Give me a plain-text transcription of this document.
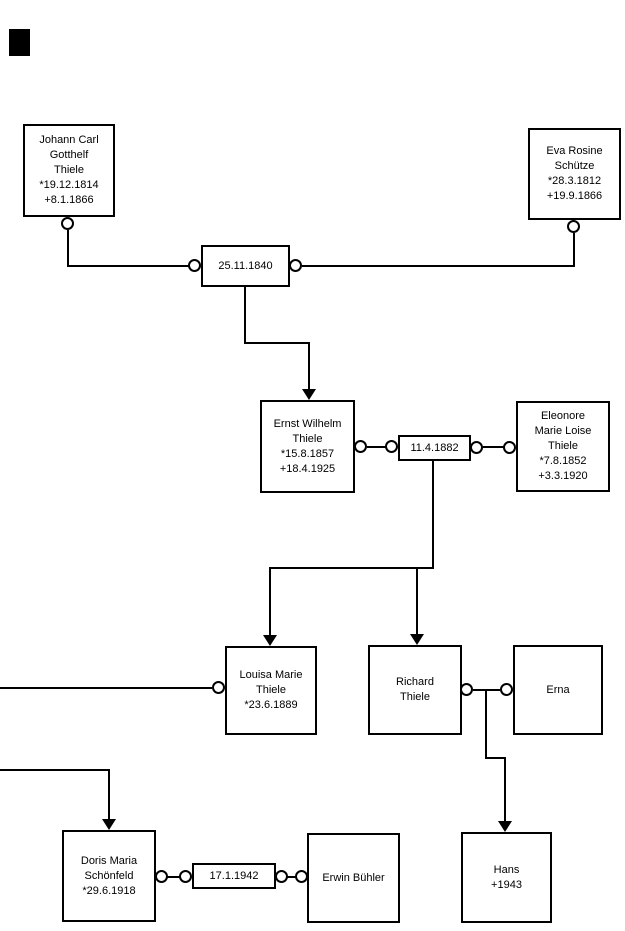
Johann Carl
Gotthelf
Thiele
*19.12.1814
+8.1.1866
Eva Rosine
Schütze
*28.3.1812
+19.9.1866
Ernst Wilhelm
Thiele
*15.8.1857
+18.4.1925
Eleonore
Marie Loise
Thiele
*7.8.1852
+3.3.1920
Louisa Marie
Thiele
*23.6.1889
Richard
Thiele
Erna
Doris Maria
Schönfeld
*29.6.1918
Erwin Bühler
Hans
+1943
25.11.1840
11.4.1882
17.1.1942
